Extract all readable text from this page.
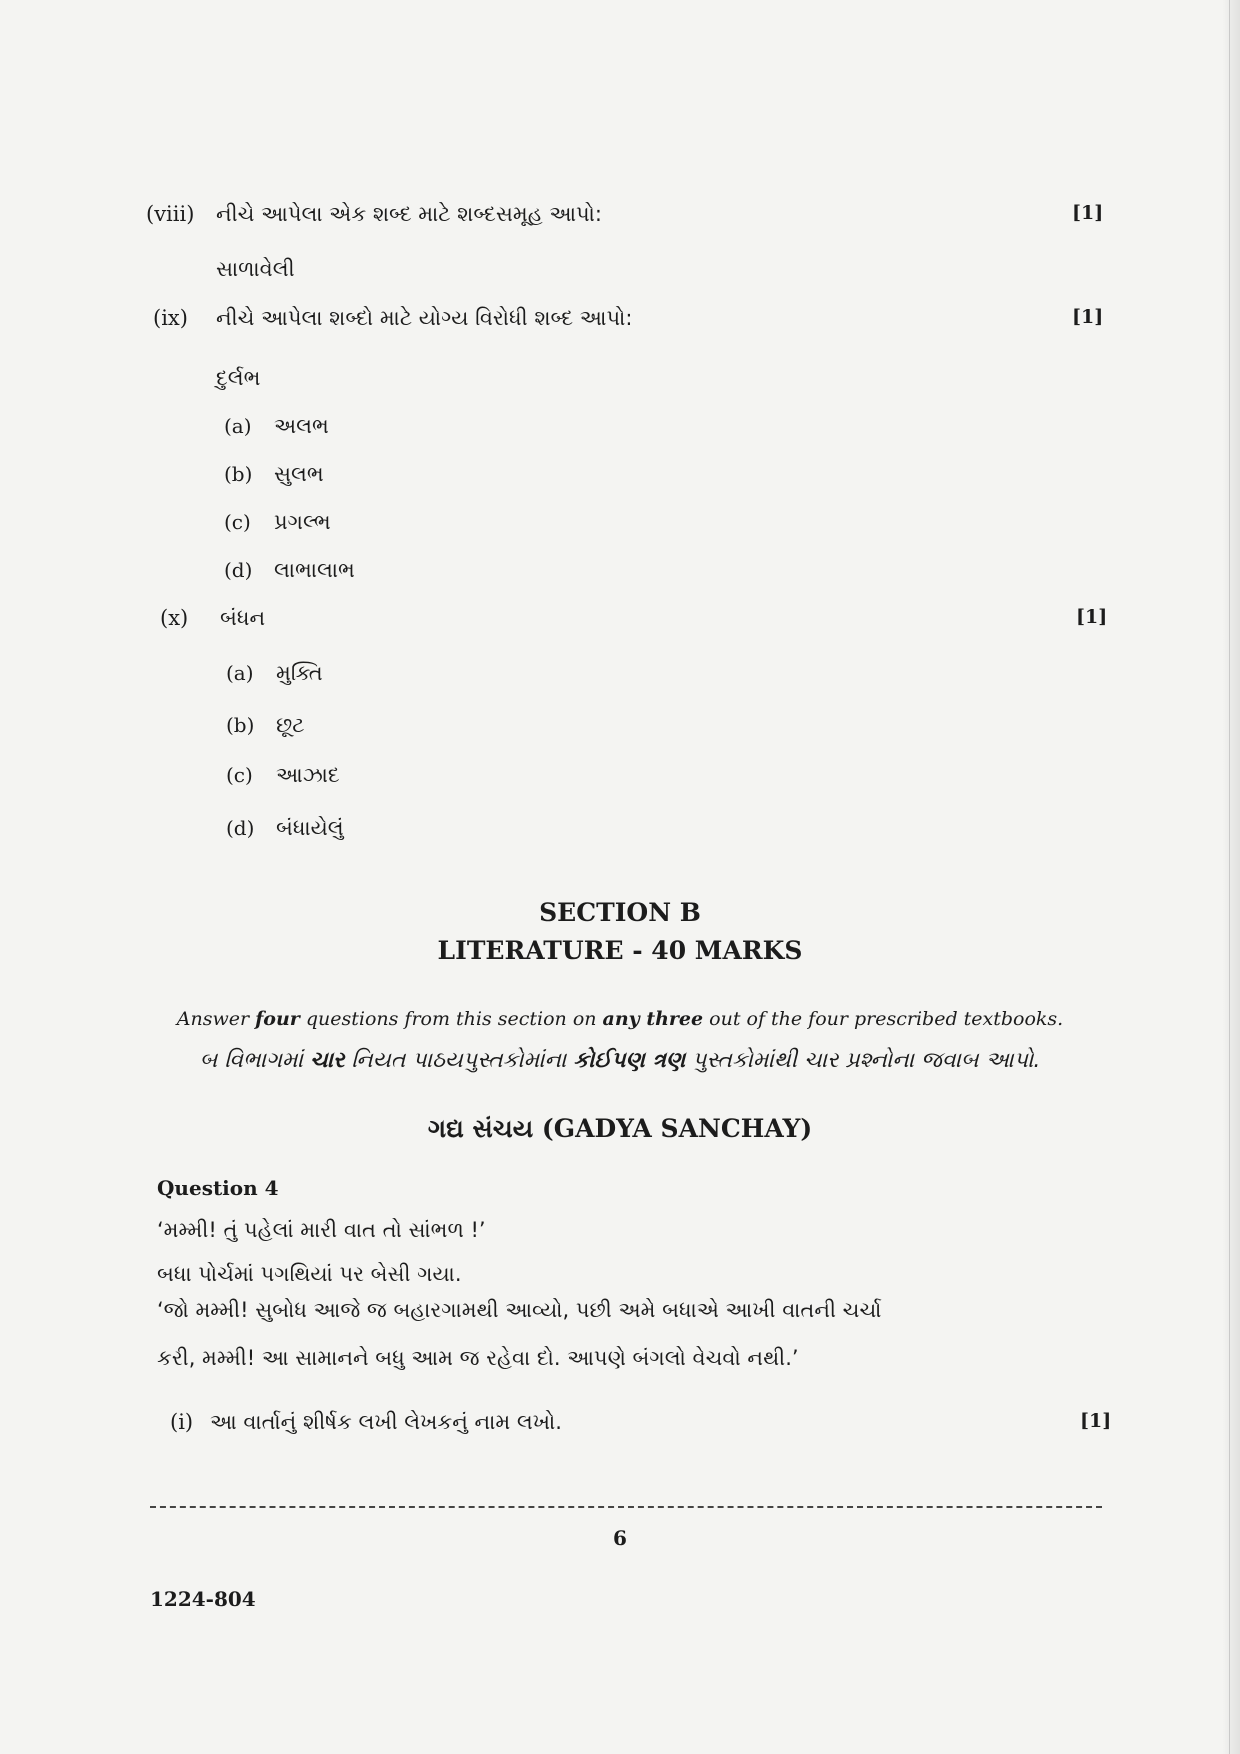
(viii) નીચે આપેલા એક શબ્દ માટે શબ્દસમૂહ આપો:	[1]
સાળાવેલી
(ix) નીચે આપેલા શબ્દો માટે યોગ્ય વિરોધી શબ્દ આપો:	[1]
દુર્લભ
(a) અલભ
(b) સુલભ
(c) પ્રગલ્ભ
(d) લાભાલાભ
(x) બંધન	[1]
(a) મુક્તિ
(b) છૂટ
(c) આઝાદ
(d) બંધાયેલું
SECTION B
LITERATURE - 40 MARKS
Answer four questions from this section on any three out of the four prescribed textbooks.
બ વિભાગમાં ચાર નિયત પાઠયપુસ્તકોમાંના કોઈપણ ત્રણ પુસ્તકોમાંથી ચાર પ્રશ્નોના જવાબ આપો.
ગદ્ય સંચય (GADYA SANCHAY)
Question 4
‘મમ્મી! તું પહેલાં મારી વાત તો સાંભળ !’
બધા પોર્ચમાં પગથિયાં પર બેસી ગયા.
‘જો મમ્મી! સુબોધ આજે જ બહારગામથી આવ્યો, પછી અમે બધાએ આખી વાતની ચર્ચા
કરી, મમ્મી! આ સામાનને બધુ આમ જ રહેવા દો. આપણે બંગલો વેચવો નથી.’
(i) આ વાર્તાનું શીર્ષક લખી લેખકનું નામ લખો.	[1]
6
1224-804
